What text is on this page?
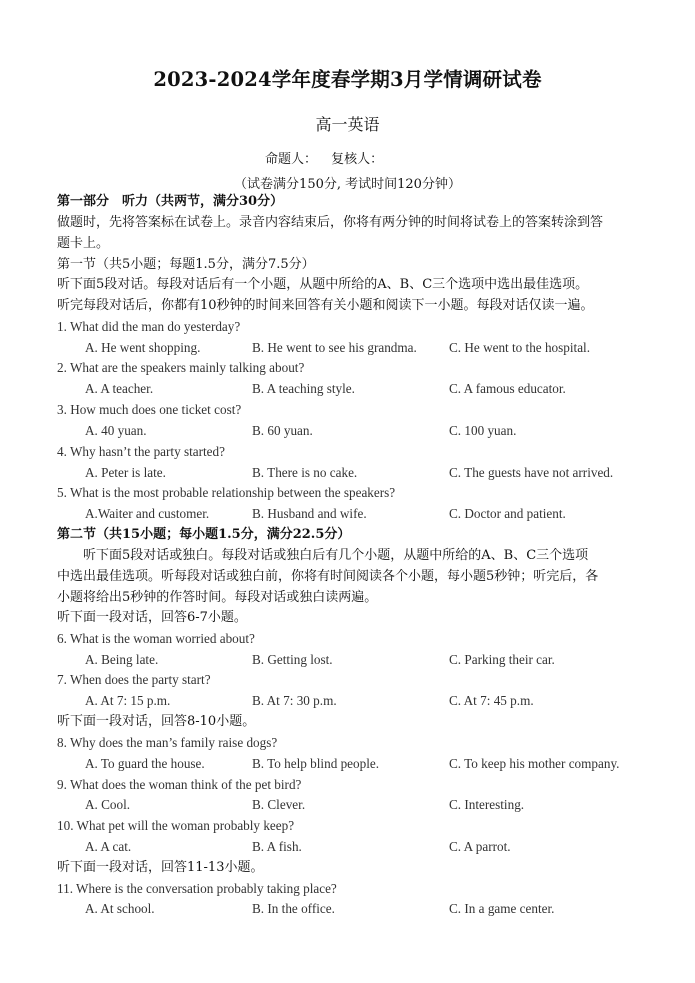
2023-2024学年度春学期3月学情调研试卷
高一英语
命题人： 复核人：
（试卷满分150分, 考试时间120分钟）
第一部分　听力（共两节，满分30分）
做题时，先将答案标在试卷上。录音内容结束后，你将有两分钟的时间将试卷上的答案转涂到答
题卡上。
第一节（共5小题；每题1.5分，满分7.5分）
听下面5段对话。每段对话后有一个小题，从题中所给的A、B、C三个选项中选出最佳选项。
听完每段对话后，你都有10秒钟的时间来回答有关小题和阅读下一小题。每段对话仅读一遍。
1. What did the man do yesterday?
A. He went shopping.	B. He went to see his grandma. C. He went to the hospital.
2. What are the speakers mainly talking about?
A. A teacher.	B. A teaching style.	C. A famous educator.
3. How much does one ticket cost?
A. 40 yuan.	B. 60 yuan.	C. 100 yuan.
4. Why hasn’t the party started?
A. Peter is late.	B. There is no cake.	C. The guests have not arrived.
5. What is the most probable relationship between the speakers?
A.Waiter and customer.	B. Husband and wife.	C. Doctor and patient.
第二节（共15小题；每小题1.5分，满分22.5分）
听下面5段对话或独白。每段对话或独白后有几个小题，从题中所给的A、B、C三个选项
中选出最佳选项。听每段对话或独白前，你将有时间阅读各个小题，每小题5秒钟；听完后，各
小题将给出5秒钟的作答时间。每段对话或独白读两遍。
听下面一段对话，回答6-7小题。
6. What is the woman worried about?
A. Being late.	B. Getting lost.	C. Parking their car.
7. When does the party start?
A. At 7: 15 p.m.	B. At 7: 30 p.m.	C. At 7: 45 p.m.
听下面一段对话，回答8-10小题。
8. Why does the man’s family raise dogs?
A. To guard the house.	B. To help blind people.	C. To keep his mother company.
9. What does the woman think of the pet bird?
A. Cool.	B. Clever.	C. Interesting.
10. What pet will the woman probably keep?
A. A cat.	B. A fish.	C. A parrot.
听下面一段对话，回答11-13小题。
11. Where is the conversation probably taking place?
A. At school.	B. In the office.	C. In a game center.
